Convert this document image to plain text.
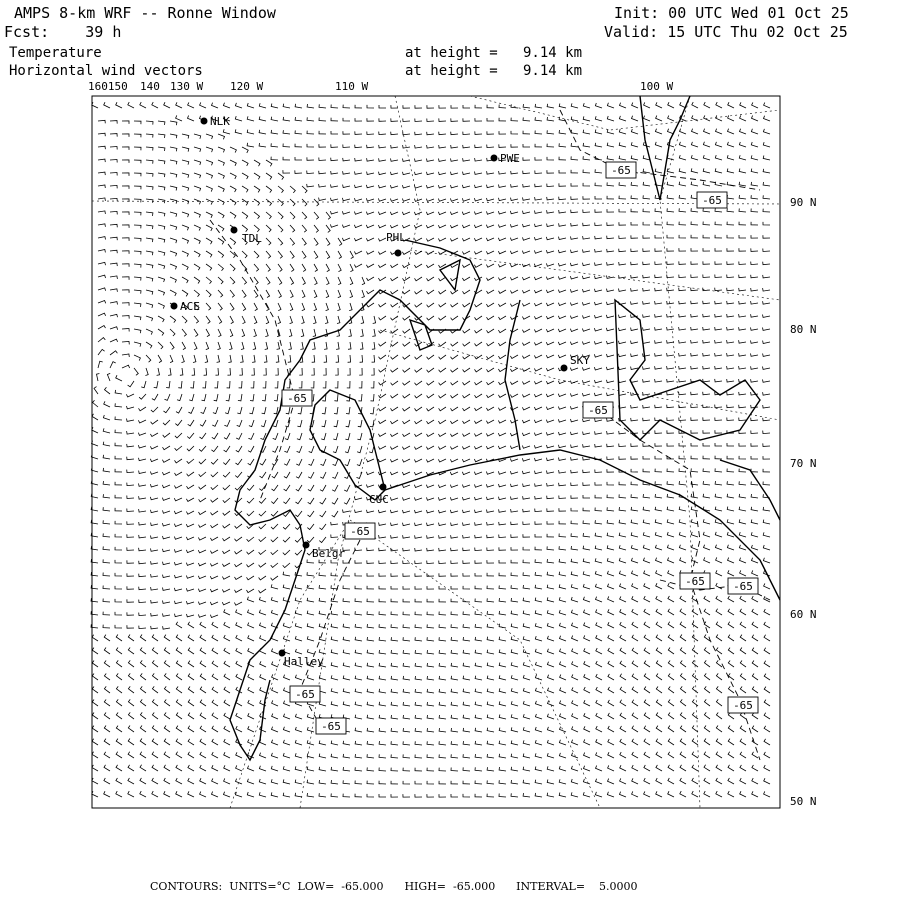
AMPS 8-km WRF -- Ronne Window
Fcst:    39 h
Init: 00 UTC Wed 01 Oct 25
Valid: 15 UTC Thu 02 Oct 25
Temperature
Horizontal wind vectors
at height =   9.14 km
at height =   9.14 km
-65
-65
-65
-65
-65
-65	-65
-65
-65
-65
NLK
PWE
TDL	PHL
ACE
SKY
CUC
Belgr
Halley
160150 140 130 W 120 W	110 W	100 W
90 N
80 N
70 N
60 N
50 N
CONTOURS:  UNITS=°C  LOW=  -65.000      HIGH=  -65.000      INTERVAL=    5.0000
